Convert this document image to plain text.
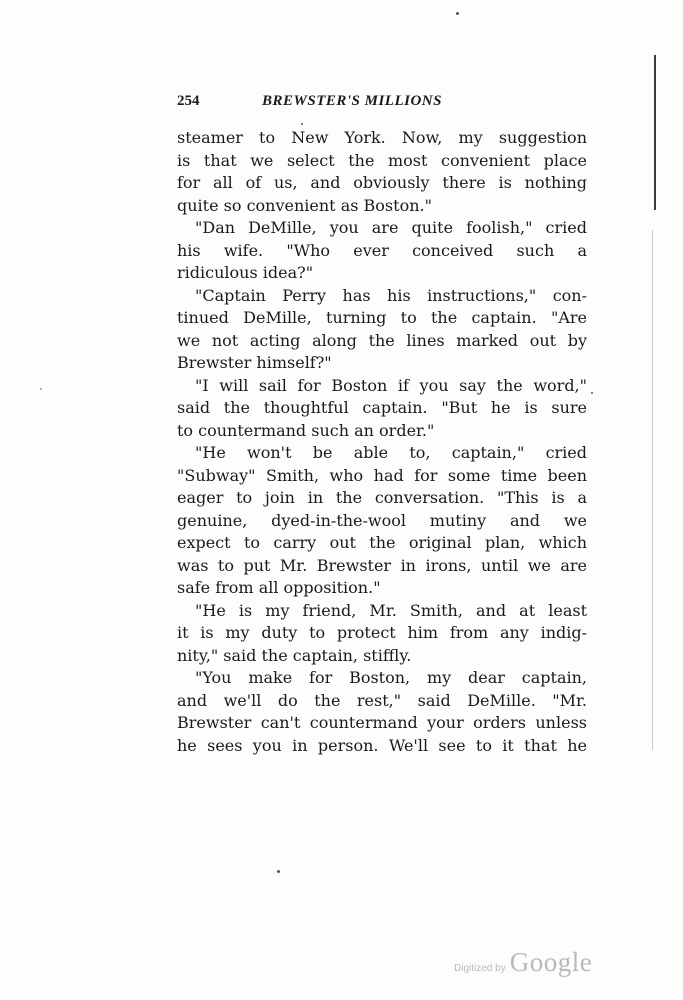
254	BREWSTER'S MILLIONS
steamer to New York. Now, my suggestion
is that we select the most convenient place
for all of us, and obviously there is nothing
quite so convenient as Boston."
"Dan DeMille, you are quite foolish," cried
his wife. "Who ever conceived such a
ridiculous idea?"
"Captain Perry has his instructions," con-
tinued DeMille, turning to the captain. "Are
we not acting along the lines marked out by
Brewster himself?"
"I will sail for Boston if you say the word,"
said the thoughtful captain. "But he is sure
to countermand such an order."
"He won't be able to, captain," cried
"Subway" Smith, who had for some time been
eager to join in the conversation. "This is a
genuine, dyed-in-the-wool mutiny and we
expect to carry out the original plan, which
was to put Mr. Brewster in irons, until we are
safe from all opposition."
"He is my friend, Mr. Smith, and at least
it is my duty to protect him from any indig-
nity," said the captain, stiffly.
"You make for Boston, my dear captain,
and we'll do the rest," said DeMille. "Mr.
Brewster can't countermand your orders unless
he sees you in person. We'll see to it that he
Digitized by Google
